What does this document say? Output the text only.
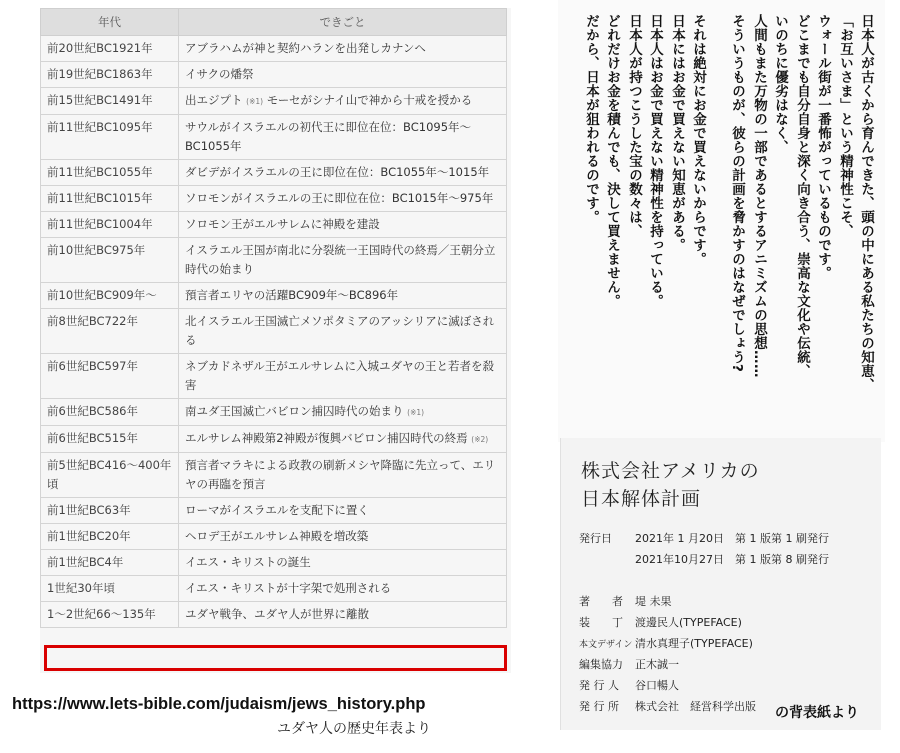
年代	できごと
前20世紀BC1921年	アブラハムが神と契約ハランを出発しカナンへ
前19世紀BC1863年	イサクの燔祭
前15世紀BC1491年	出エジプト (※1) モーセがシナイ山で神から十戒を授かる
前11世紀BC1095年	サウルがイスラエルの初代王に即位在位：BC1095年〜BC1055年
前11世紀BC1055年	ダビデがイスラエルの王に即位在位：BC1055年〜1015年
前11世紀BC1015年	ソロモンがイスラエルの王に即位在位：BC1015年〜975年
前11世紀BC1004年	ソロモン王がエルサレムに神殿を建設
前10世紀BC975年	イスラエル王国が南北に分裂統一王国時代の終焉／王朝分立時代の始まり
前10世紀BC909年〜	預言者エリヤの活躍BC909年〜BC896年
前8世紀BC722年	北イスラエル王国滅亡メソポタミアのアッシリアに滅ぼされる
前6世紀BC597年	ネブカドネザル王がエルサレムに入城ユダヤの王と若者を殺害
前6世紀BC586年	南ユダ王国滅亡バビロン捕囚時代の始まり (※1)
前6世紀BC515年	エルサレム神殿第2神殿が復興バビロン捕囚時代の終焉 (※2)
前5世紀BC416〜400年頃	預言者マラキによる政教の刷新メシヤ降臨に先立って、エリヤの再臨を預言
前1世紀BC63年	ローマがイスラエルを支配下に置く
前1世紀BC20年	ヘロデ王がエルサレム神殿を増改築
前1世紀BC4年	イエス・キリストの誕生
1世紀30年頃	イエス・キリストが十字架で処刑される
1〜2世紀66〜135年	ユダヤ戦争、ユダヤ人が世界に離散
https://www.lets-bible.com/judaism/jews_history.php
ユダヤ人の歴史年表より
日本人が古くから育んできた、頭の中にある私たちの知恵、
「お互いさま」という精神性こそ、
ウォール街が一番怖がっているものです。
どこまでも自分自身と深く向き合う、崇高な文化や伝統、
いのちに優劣はなく、
人間もまた万物の一部であるとするアニミズムの思想……
そういうものが、彼らの計画を脅かすのはなぜでしょう?
それは絶対にお金で買えないからです。
日本にはお金で買えない知恵がある。
日本人はお金で買えない精神性を持っている。
日本人が持つこうした宝の数々は、
どれだけお金を積んでも、決して買えません。
だから、日本が狙われるのです。
株式会社アメリカの
日本解体計画
発行日 2021年 1 月20日　第 1 版第 1 刷発行
2021年10月27日　第 1 版第 8 刷発行
著　　者 堤 未果
装　　丁 渡邊民人(TYPEFACE)
本文デザイン 清水真理子(TYPEFACE)
編集協力 正木誠一
発 行 人 谷口暢人
発 行 所 株式会社　経営科学出版 の背表紙より
